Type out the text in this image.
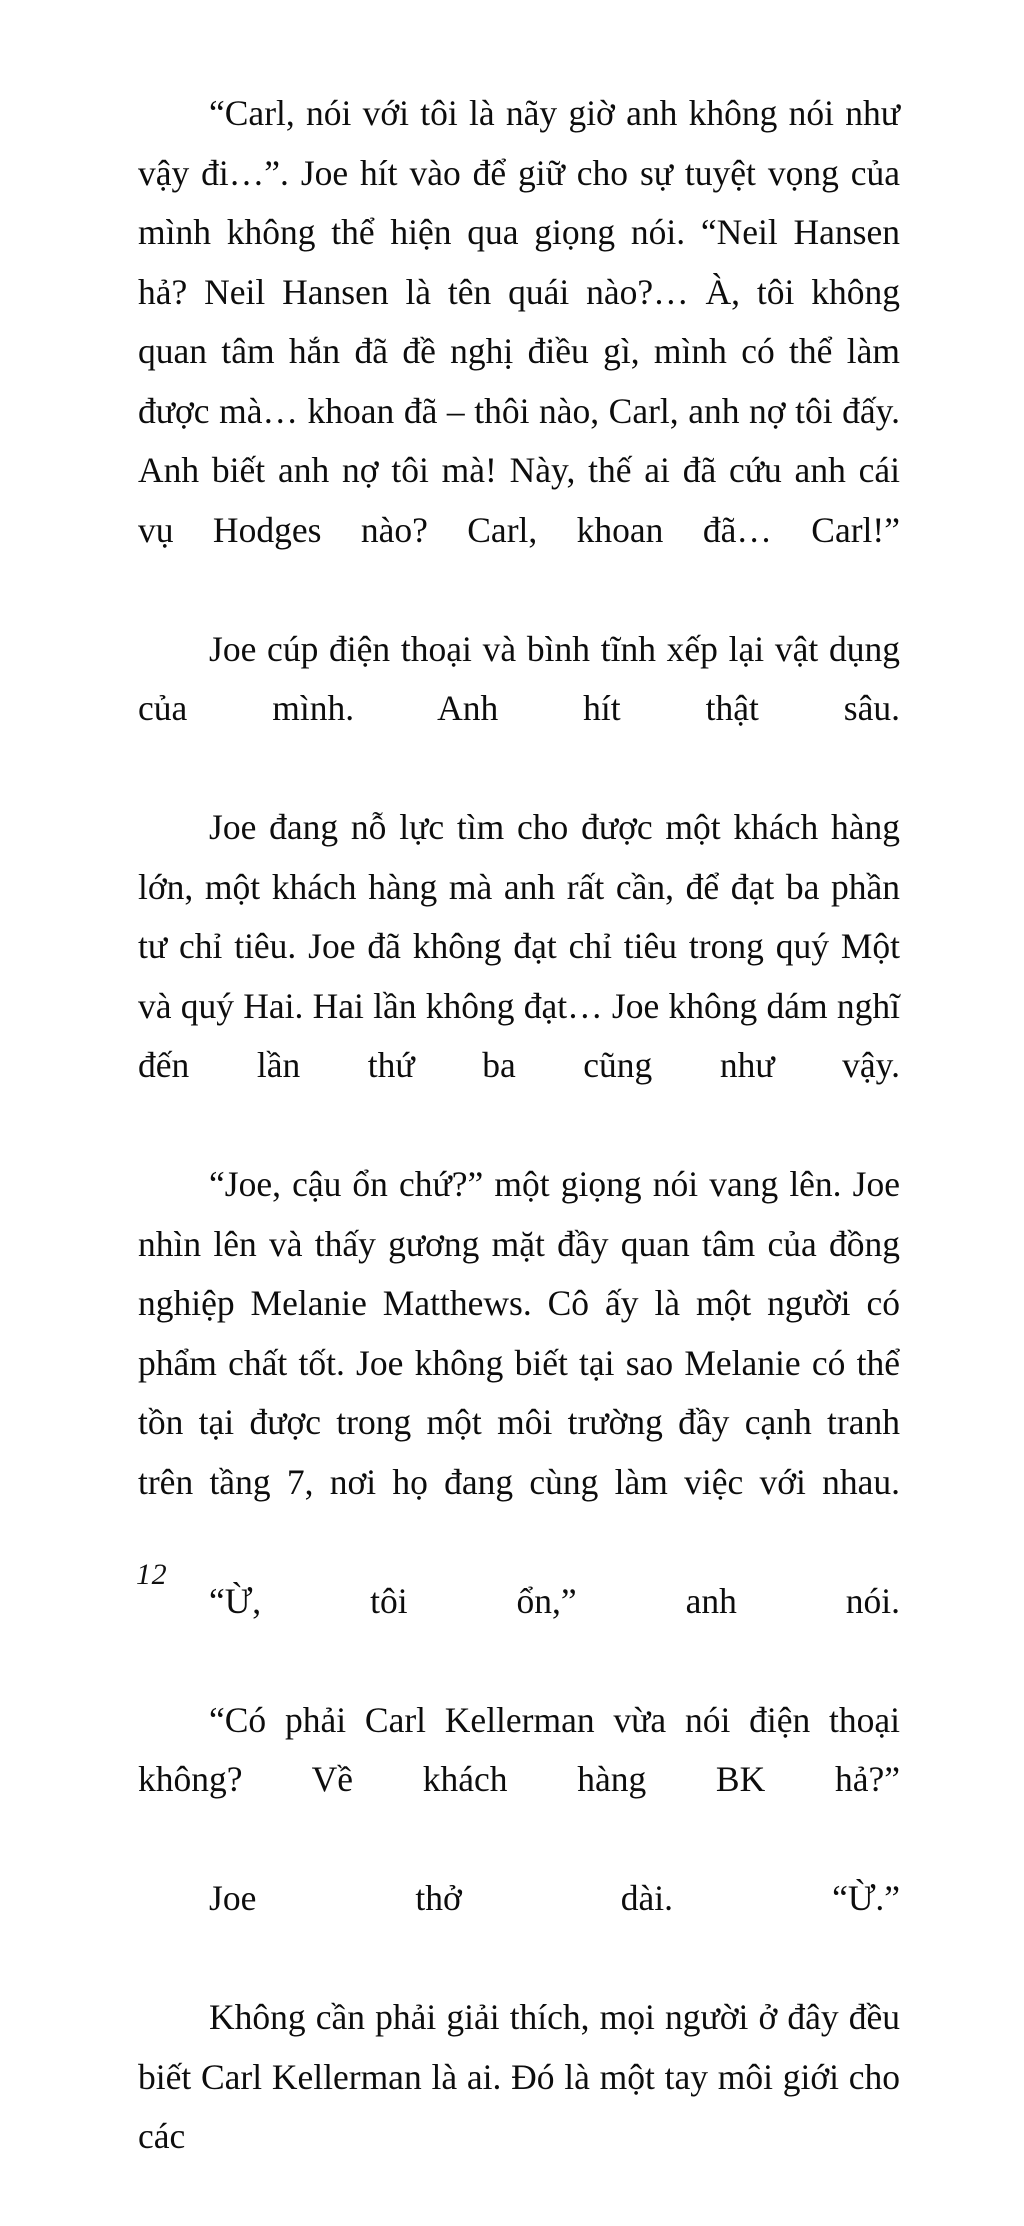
“Carl, nói với tôi là nãy giờ anh không nói như vậy đi…”. Joe hít vào để giữ cho sự tuyệt vọng của mình không thể hiện qua giọng nói. “Neil Hansen hả? Neil Hansen là tên quái nào?… À, tôi không quan tâm hắn đã đề nghị điều gì, mình có thể làm được mà… khoan đã – thôi nào, Carl, anh nợ tôi đấy. Anh biết anh nợ tôi mà! Này, thế ai đã cứu anh cái vụ Hodges nào? Carl, khoan đã… Carl!”

Joe cúp điện thoại và bình tĩnh xếp lại vật dụng của mình. Anh hít thật sâu.

Joe đang nỗ lực tìm cho được một khách hàng lớn, một khách hàng mà anh rất cần, để đạt ba phần tư chỉ tiêu. Joe đã không đạt chỉ tiêu trong quý Một và quý Hai. Hai lần không đạt… Joe không dám nghĩ đến lần thứ ba cũng như vậy.

“Joe, cậu ổn chứ?” một giọng nói vang lên. Joe nhìn lên và thấy gương mặt đầy quan tâm của đồng nghiệp Melanie Matthews. Cô ấy là một người có phẩm chất tốt. Joe không biết tại sao Melanie có thể tồn tại được trong một môi trường đầy cạnh tranh trên tầng 7, nơi họ đang cùng làm việc với nhau.

“Ừ, tôi ổn,” anh nói.

“Có phải Carl Kellerman vừa nói điện thoại không? Về khách hàng BK hả?”

Joe thở dài. “Ừ.”

Không cần phải giải thích, mọi người ở đây đều biết Carl Kellerman là ai. Đó là một tay môi giới cho các

12
